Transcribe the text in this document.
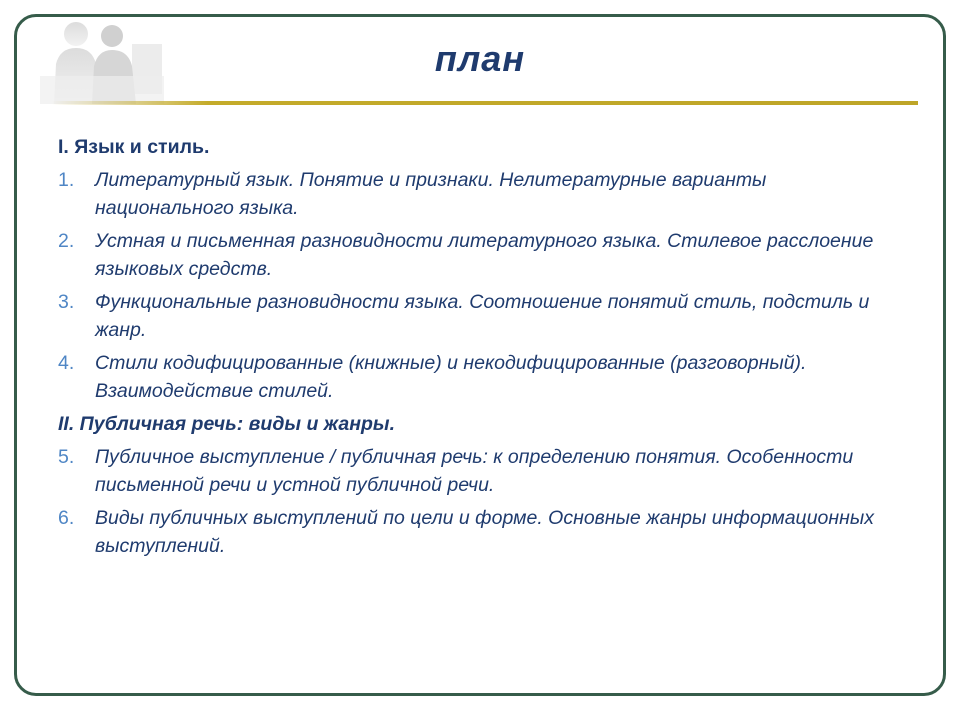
план
I. Язык и стиль.
1 . Литературный язык. Понятие и признаки. Нелитературные варианты национального языка.
2 . Устная и письменная разновидности литературного языка. Стилевое расслоение языковых средств.
3 . Функциональные разновидности языка. Соотношение понятий стиль, подстиль и жанр.
4 . Стили кодифицированные (книжные) и некодифицированные (разговорный). Взаимодействие стилей.
II. Публичная речь: виды и жанры.
5 . Публичное выступление / публичная речь: к определению понятия. Особенности письменной речи и устной публичной речи.
6 . Виды публичных выступлений по цели и форме. Основные жанры информационных выступлений.
